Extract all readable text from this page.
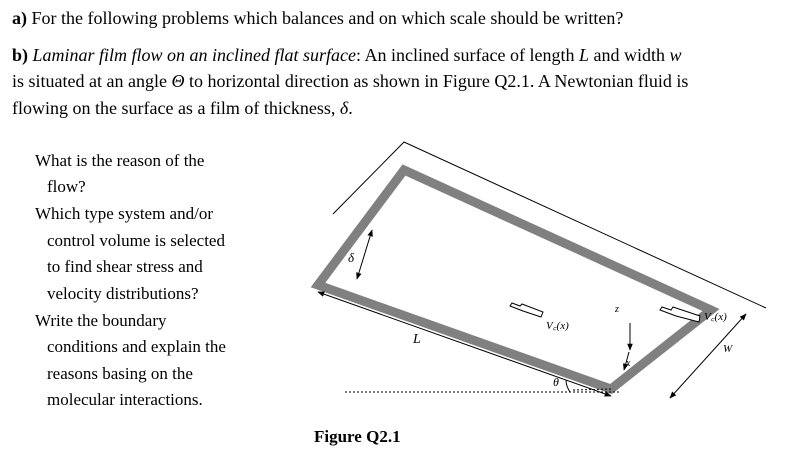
a) For the following problems which balances and on which scale should be written?
b) Laminar film flow on an inclined flat surface: An inclined surface of length L and width w
is situated at an angle Θ to horizontal direction as shown in Figure Q2.1. A Newtonian fluid is
flowing on the surface as a film of thickness, δ.
What is the reason of the
flow?
Which type system and/or
control volume is selected
to find shear stress and
velocity distributions?
Write the boundary
conditions and explain the
reasons basing on the
molecular interactions.
δ
L
V꜀(x)
V꜀(x)
z
x
θ
W
Figure Q2.1
